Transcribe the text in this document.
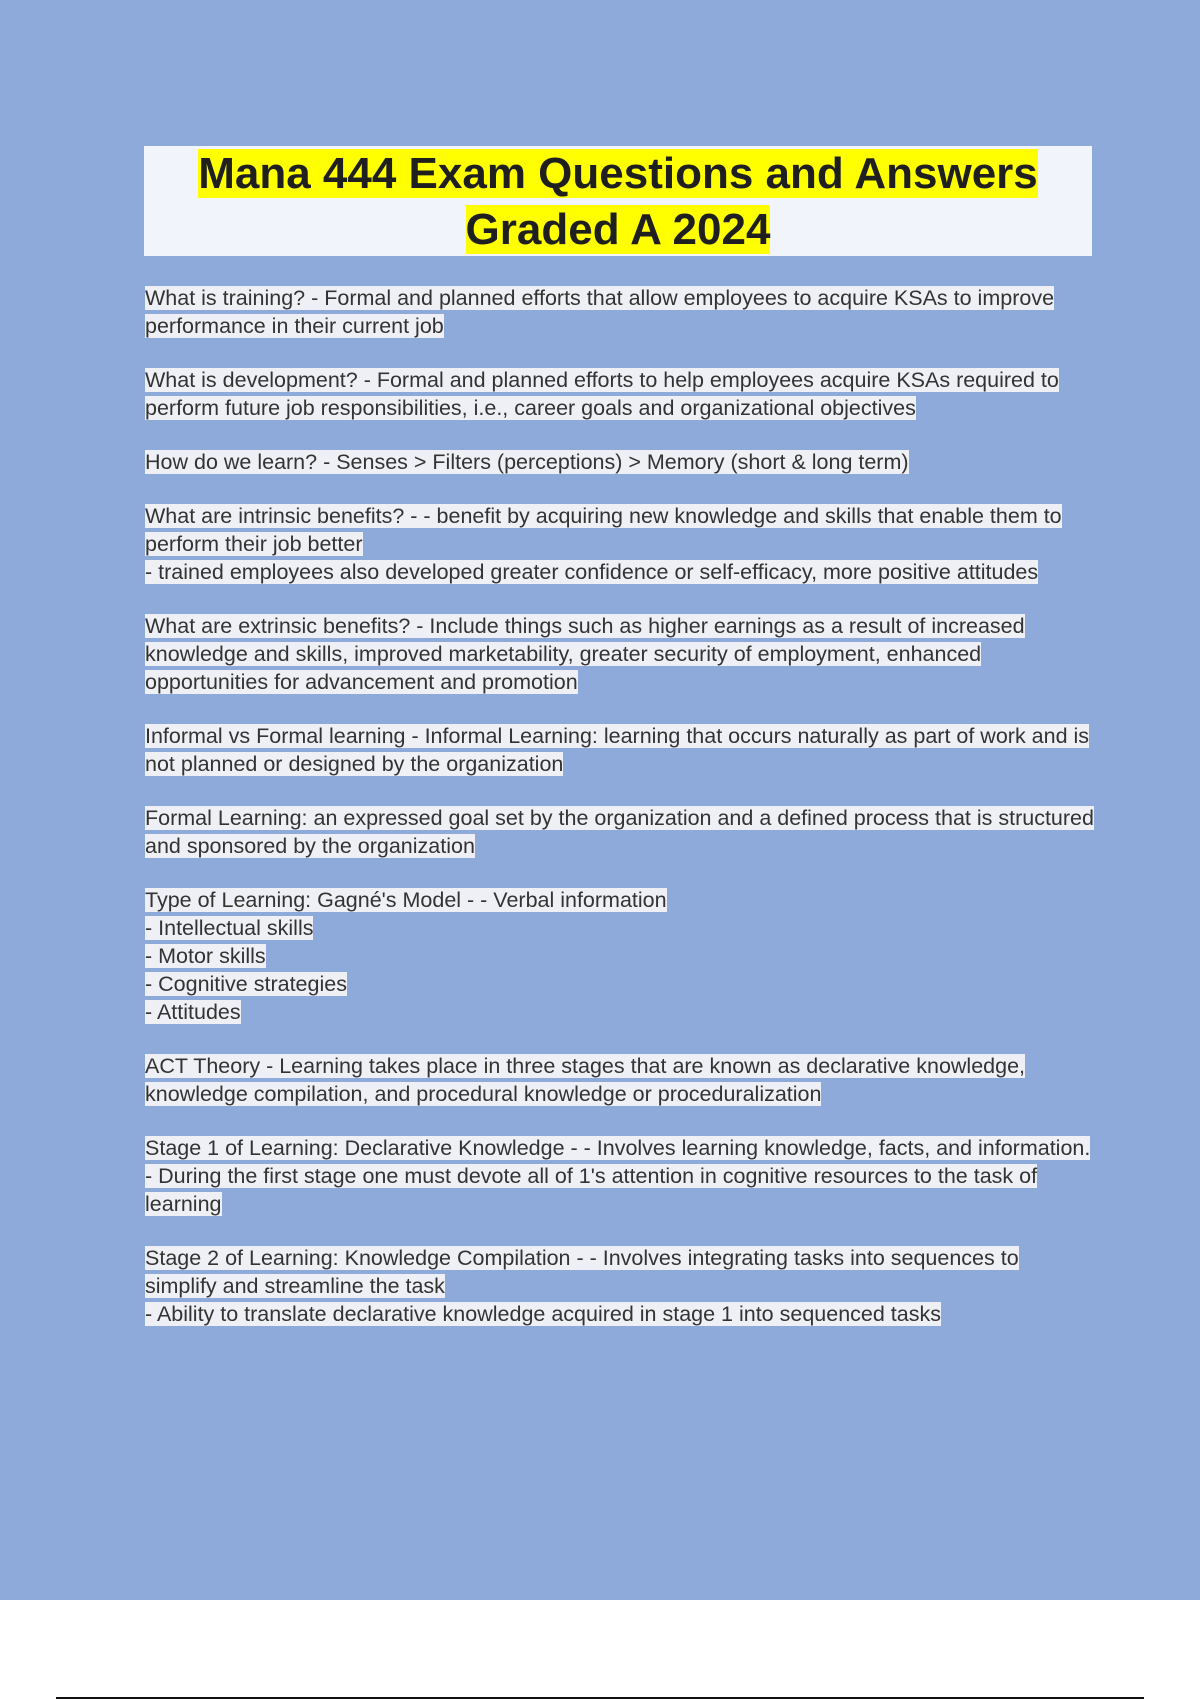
Mana 444 Exam Questions and Answers
Graded A 2024
What is training? - Formal and planned efforts that allow employees to acquire KSAs to improve performance in their current job
What is development? - Formal and planned efforts to help employees acquire KSAs required to perform future job responsibilities, i.e., career goals and organizational objectives
How do we learn? - Senses > Filters (perceptions) > Memory (short & long term)
What are intrinsic benefits? - - benefit by acquiring new knowledge and skills that enable them to perform their job better
- trained employees also developed greater confidence or self-efficacy, more positive attitudes
What are extrinsic benefits? - Include things such as higher earnings as a result of increased knowledge and skills, improved marketability, greater security of employment, enhanced opportunities for advancement and promotion
Informal vs Formal learning - Informal Learning: learning that occurs naturally as part of work and is not planned or designed by the organization
Formal Learning: an expressed goal set by the organization and a defined process that is structured and sponsored by the organization
Type of Learning: Gagné's Model - - Verbal information
- Intellectual skills
- Motor skills
- Cognitive strategies
- Attitudes
ACT Theory - Learning takes place in three stages that are known as declarative knowledge, knowledge compilation, and procedural knowledge or proceduralization
Stage 1 of Learning: Declarative Knowledge - - Involves learning knowledge, facts, and information.
- During the first stage one must devote all of 1's attention in cognitive resources to the task of learning
Stage 2 of Learning: Knowledge Compilation - - Involves integrating tasks into sequences to simplify and streamline the task
- Ability to translate declarative knowledge acquired in stage 1 into sequenced tasks
